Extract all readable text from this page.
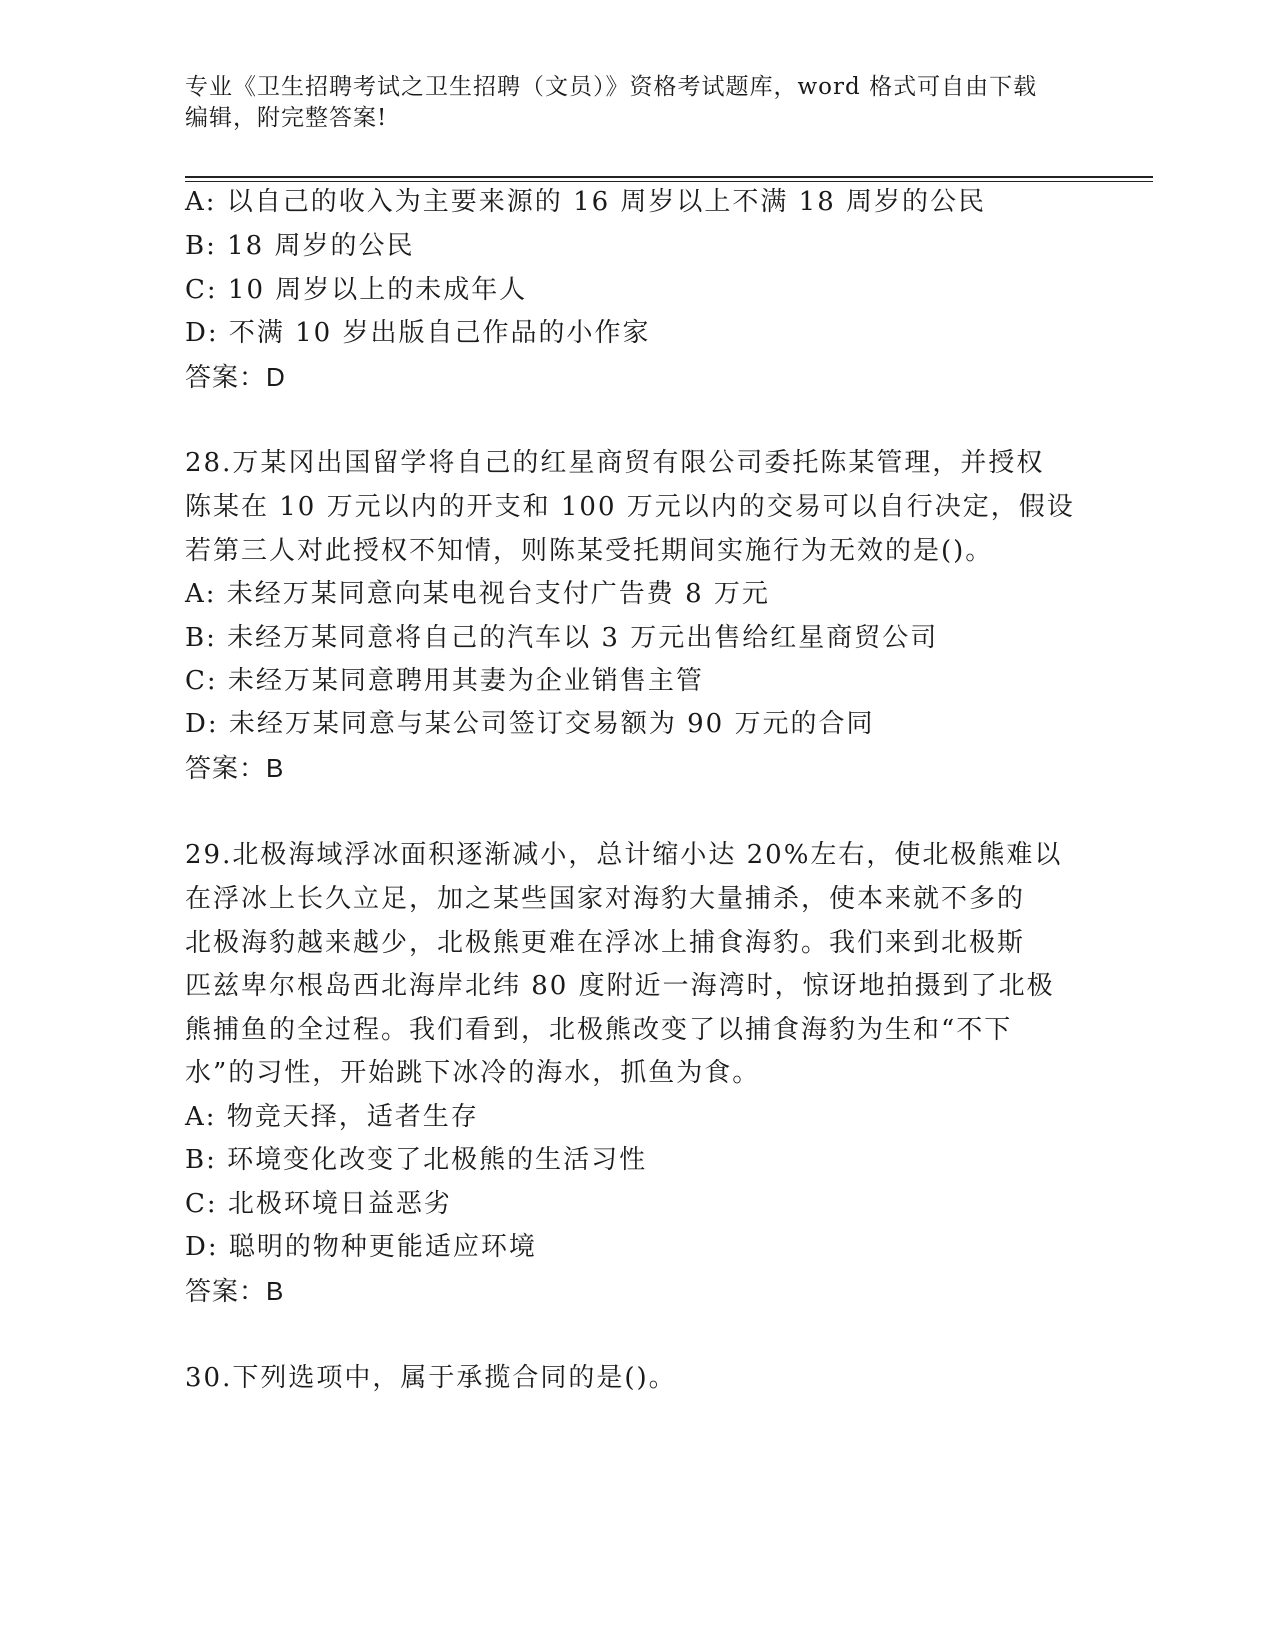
专业《卫生招聘考试之卫生招聘（文员）》资格考试题库，word 格式可自由下载
编辑，附完整答案!
A: 以自己的收入为主要来源的 16 周岁以上不满 18 周岁的公民
B: 18 周岁的公民
C: 10 周岁以上的未成年人
D: 不满 10 岁出版自己作品的小作家
答案：D
28.万某冈出国留学将自己的红星商贸有限公司委托陈某管理，并授权
陈某在 10 万元以内的开支和 100 万元以内的交易可以自行决定，假设
若第三人对此授权不知情，则陈某受托期间实施行为无效的是()。
A: 未经万某同意向某电视台支付广告费 8 万元
B: 未经万某同意将自己的汽车以 3 万元出售给红星商贸公司
C: 未经万某同意聘用其妻为企业销售主管
D: 未经万某同意与某公司签订交易额为 90 万元的合同
答案：B
29.北极海域浮冰面积逐渐减小，总计缩小达 20%左右，使北极熊难以
在浮冰上长久立足，加之某些国家对海豹大量捕杀，使本来就不多的
北极海豹越来越少，北极熊更难在浮冰上捕食海豹。我们来到北极斯
匹兹卑尔根岛西北海岸北纬 80 度附近一海湾时，惊讶地拍摄到了北极
熊捕鱼的全过程。我们看到，北极熊改变了以捕食海豹为生和“不下
水”的习性，开始跳下冰冷的海水，抓鱼为食。
A: 物竞天择，适者生存
B: 环境变化改变了北极熊的生活习性
C: 北极环境日益恶劣
D: 聪明的物种更能适应环境
答案：B
30.下列选项中，属于承揽合同的是()。
